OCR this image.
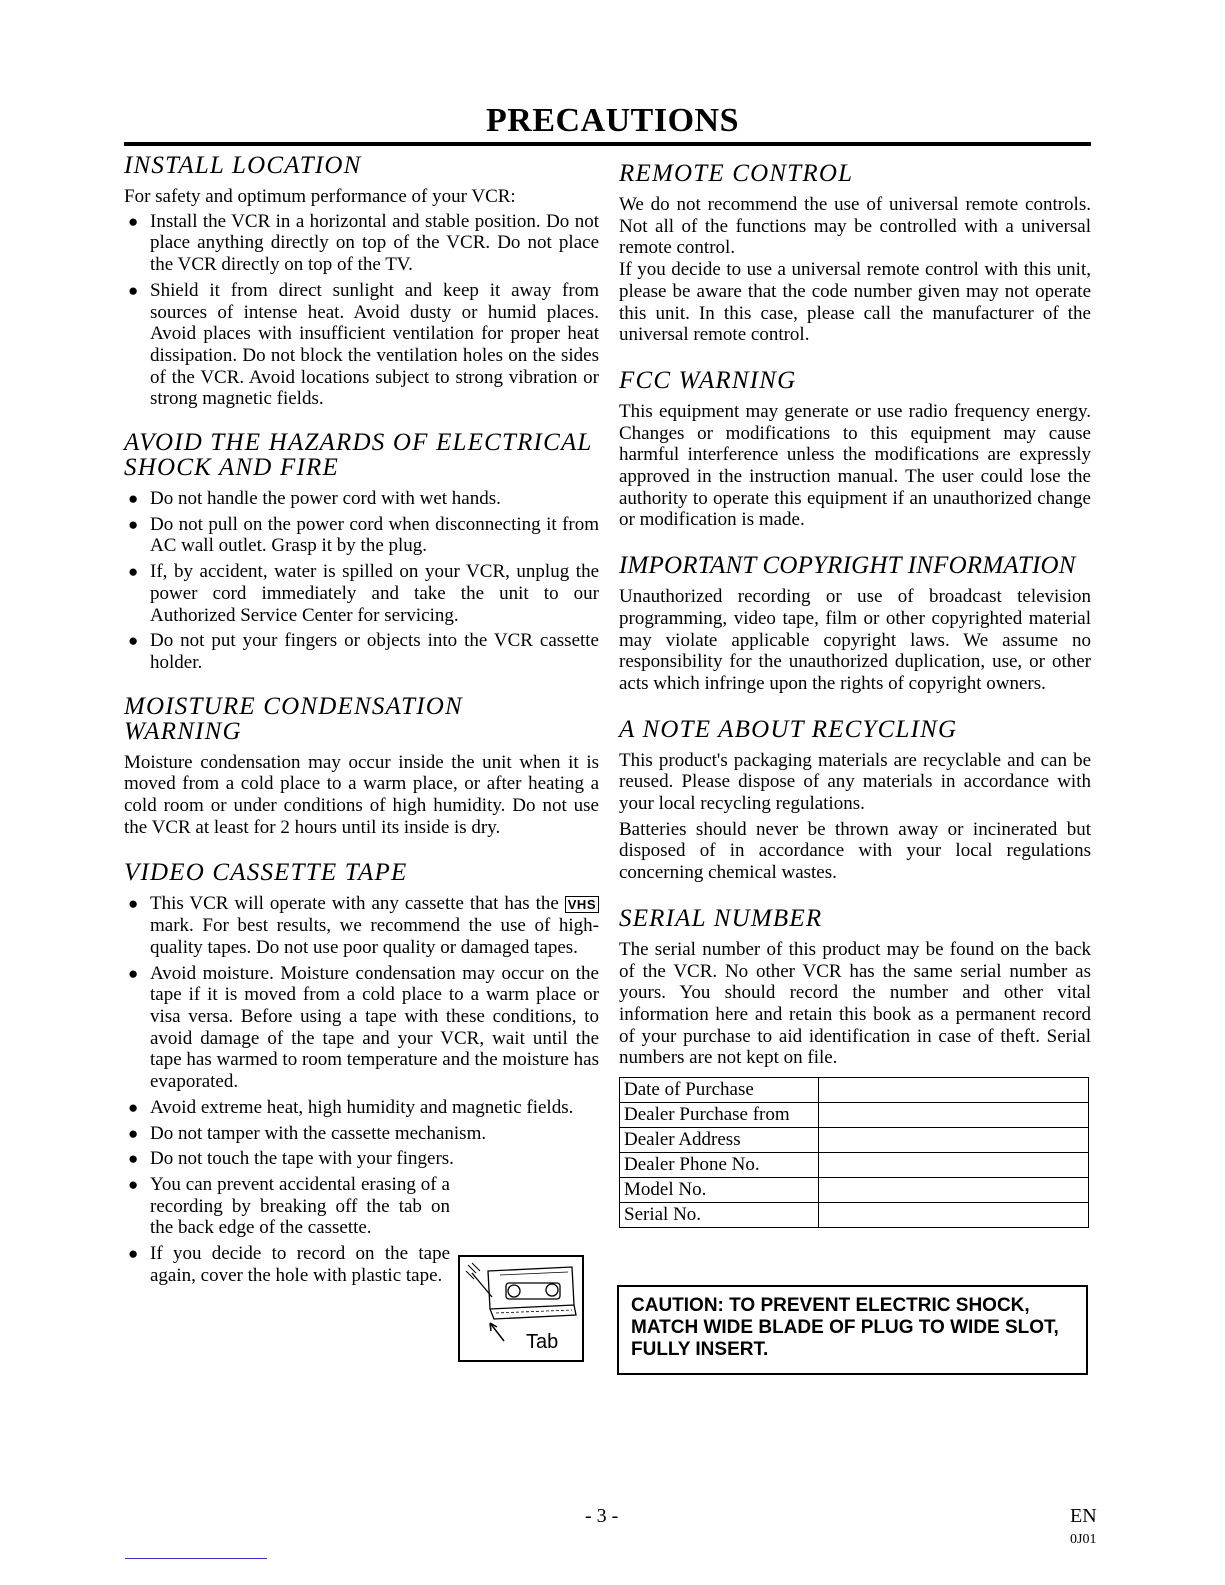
PRECAUTIONS
INSTALL LOCATION

For safety and optimum performance of your VCR:

● Install the VCR in a horizontal and stable position. Do not place anything directly on top of the VCR. Do not place the VCR directly on top of the TV.
● Shield it from direct sunlight and keep it away from sources of intense heat. Avoid dusty or humid places. Avoid places with insufficient ventilation for proper heat dissipation. Do not block the ventilation holes on the sides of the VCR. Avoid locations subject to strong vibration or strong magnetic fields.
AVOID THE HAZARDS OF ELECTRICAL SHOCK AND FIRE
● Do not handle the power cord with wet hands.
● Do not pull on the power cord when disconnecting it from AC wall outlet. Grasp it by the plug.
● If, by accident, water is spilled on your VCR, unplug the power cord immediately and take the unit to our Authorized Service Center for servicing.
● Do not put your fingers or objects into the VCR cassette holder.
MOISTURE CONDENSATION WARNING

Moisture condensation may occur inside the unit when it is moved from a cold place to a warm place, or after heating a cold room or under conditions of high humidity. Do not use the VCR at least for 2 hours until its inside is dry.

VIDEO CASSETTE TAPE
● This VCR will operate with any cassette that has the VHS mark. For best results, we recommend the use of high-quality tapes. Do not use poor quality or damaged tapes.
● Avoid moisture. Moisture condensation may occur on the tape if it is moved from a cold place to a warm place or visa versa. Before using a tape with these conditions, to avoid damage of the tape and your VCR, wait until the tape has warmed to room temperature and the moisture has evaporated.
● Avoid extreme heat, high humidity and magnetic fields.
● Do not tamper with the cassette mechanism.
● Do not touch the tape with your fingers.
● You can prevent accidental erasing of a recording by breaking off the tab on the back edge of the cassette.
● If you decide to record on the tape again, cover the hole with plastic tape.
Tab
REMOTE CONTROL

We do not recommend the use of universal remote controls. Not all of the functions may be controlled with a universal remote control.

If you decide to use a universal remote control with this unit, please be aware that the code number given may not operate this unit. In this case, please call the manufacturer of the universal remote control.

FCC WARNING

This equipment may generate or use radio frequency energy. Changes or modifications to this equipment may cause harmful interference unless the modifications are expressly approved in the instruction manual. The user could lose the authority to operate this equipment if an unauthorized change or modification is made.

IMPORTANT COPYRIGHT INFORMATION

Unauthorized recording or use of broadcast television programming, video tape, film or other copyrighted material may violate applicable copyright laws. We assume no responsibility for the unauthorized duplication, use, or other acts which infringe upon the rights of copyright owners.

A NOTE ABOUT RECYCLING

This product's packaging materials are recyclable and can be reused. Please dispose of any materials in accordance with your local recycling regulations.

Batteries should never be thrown away or incinerated but disposed of in accordance with your local regulations concerning chemical wastes.

SERIAL NUMBER

The serial number of this product may be found on the back of the VCR. No other VCR has the same serial number as yours. You should record the number and other vital information here and retain this book as a permanent record of your purchase to aid identification in case of theft. Serial numbers are not kept on file.

Date of Purchase	
Dealer Purchase from	
Dealer Address	
Dealer Phone No.	
Model No.	
Serial No.	
CAUTION: TO PREVENT ELECTRIC SHOCK, MATCH WIDE BLADE OF PLUG TO WIDE SLOT, FULLY INSERT.
- 3 -	EN
0J01
